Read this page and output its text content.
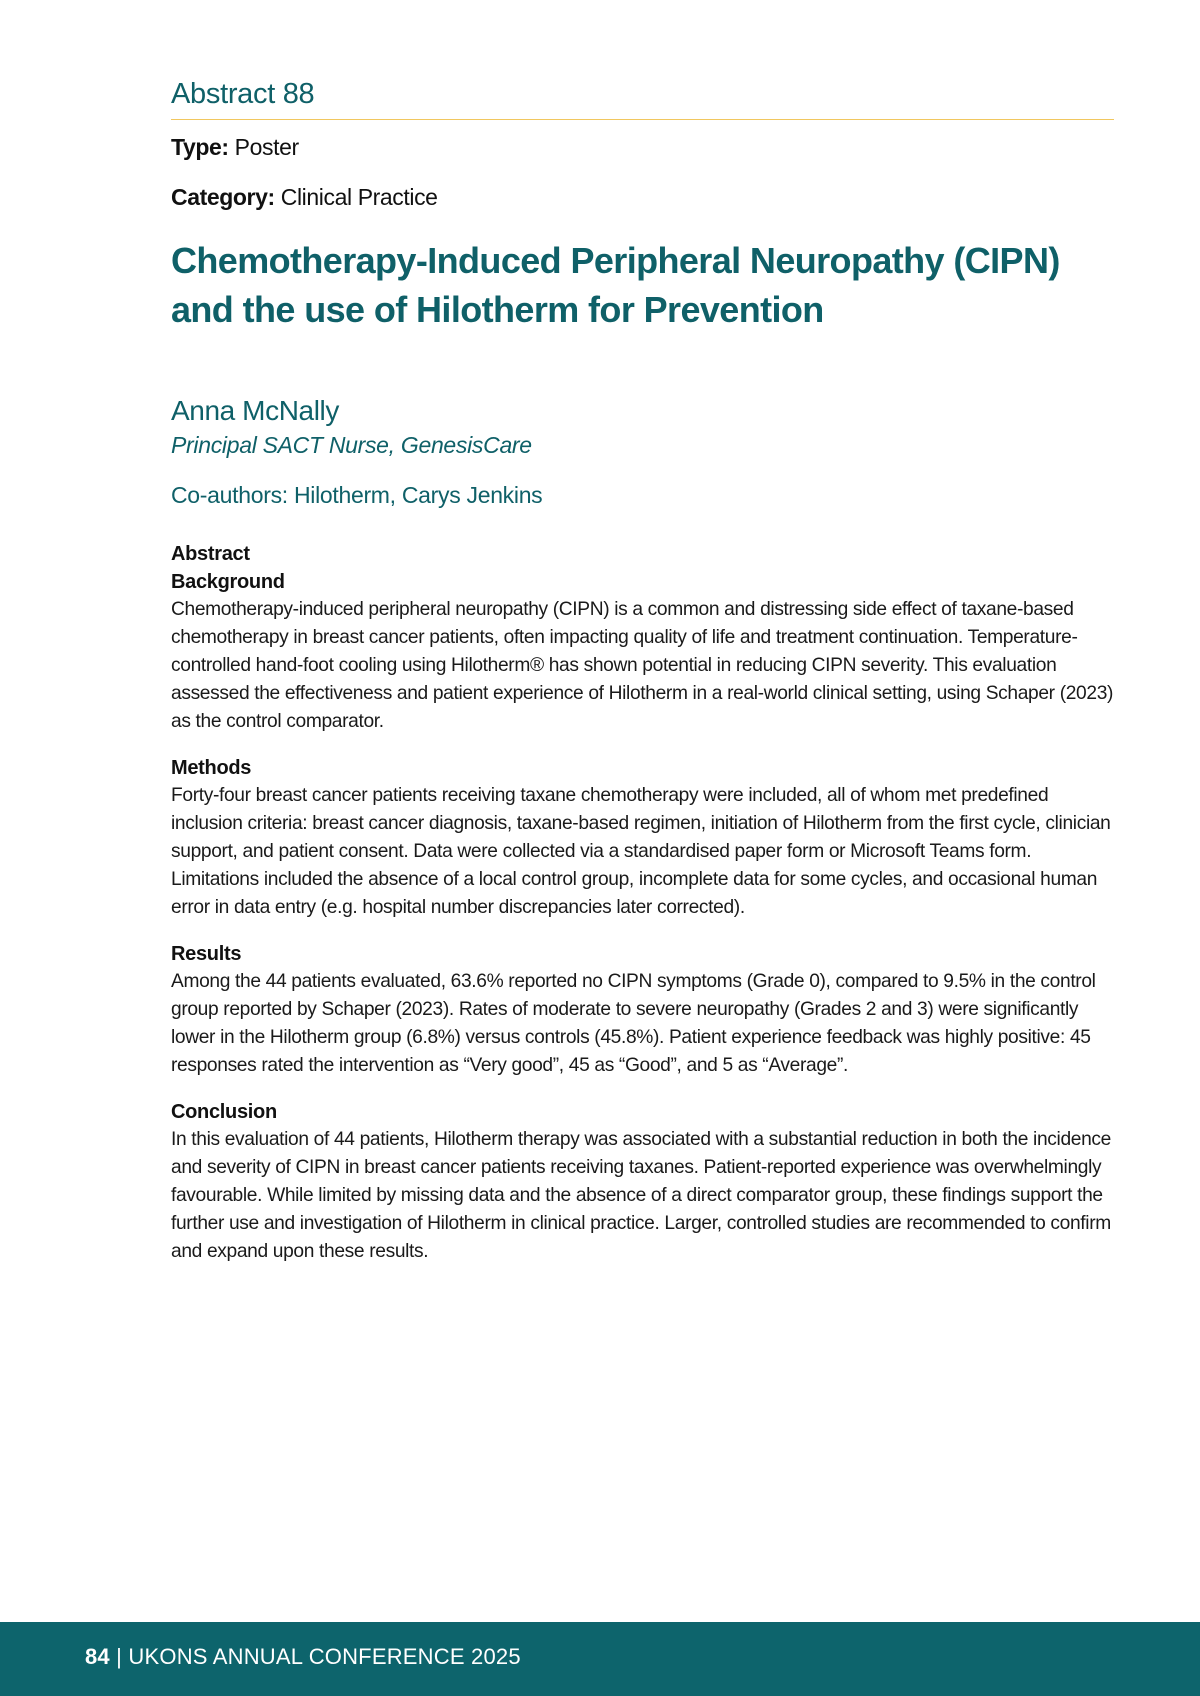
Abstract 88
Type: Poster
Category: Clinical Practice
Chemotherapy-Induced Peripheral Neuropathy (CIPN) and the use of Hilotherm for Prevention
Anna McNally
Principal SACT Nurse, GenesisCare
Co-authors: Hilotherm, Carys Jenkins
Abstract
Background

Chemotherapy-induced peripheral neuropathy (CIPN) is a common and distressing side effect of taxane-based chemotherapy in breast cancer patients, often impacting quality of life and treatment continuation. Temperature-controlled hand-foot cooling using Hilotherm® has shown potential in reducing CIPN severity. This evaluation assessed the effectiveness and patient experience of Hilotherm in a real-world clinical setting, using Schaper (2023) as the control comparator.

Methods

Forty-four breast cancer patients receiving taxane chemotherapy were included, all of whom met predefined inclusion criteria: breast cancer diagnosis, taxane-based regimen, initiation of Hilotherm from the first cycle, clinician support, and patient consent. Data were collected via a standardised paper form or Microsoft Teams form. Limitations included the absence of a local control group, incomplete data for some cycles, and occasional human error in data entry (e.g. hospital number discrepancies later corrected).

Results

Among the 44 patients evaluated, 63.6% reported no CIPN symptoms (Grade 0), compared to 9.5% in the control group reported by Schaper (2023). Rates of moderate to severe neuropathy (Grades 2 and 3) were significantly lower in the Hilotherm group (6.8%) versus controls (45.8%). Patient experience feedback was highly positive: 45 responses rated the intervention as “Very good”, 45 as “Good”, and 5 as “Average”.

Conclusion

In this evaluation of 44 patients, Hilotherm therapy was associated with a substantial reduction in both the incidence and severity of CIPN in breast cancer patients receiving taxanes. Patient-reported experience was overwhelmingly favourable. While limited by missing data and the absence of a direct comparator group, these findings support the further use and investigation of Hilotherm in clinical practice. Larger, controlled studies are recommended to confirm and expand upon these results.

84 | UKONS ANNUAL CONFERENCE 2025
